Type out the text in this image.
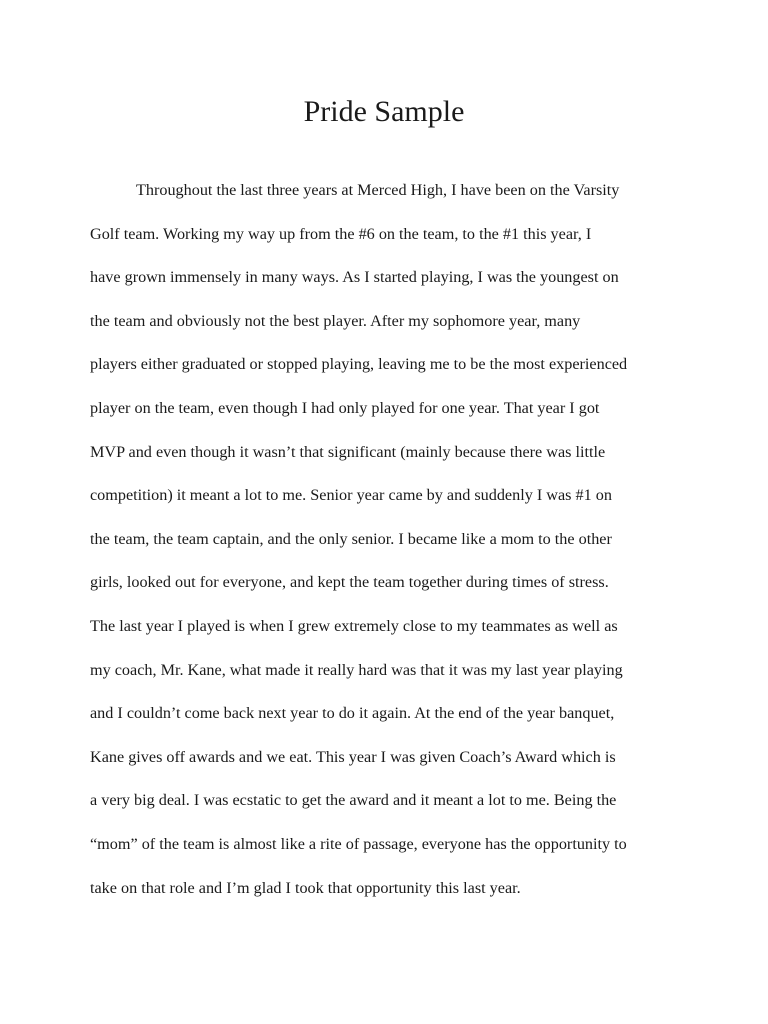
Pride Sample
Throughout the last three years at Merced High, I have been on the Varsity
Golf team. Working my way up from the #6 on the team, to the #1 this year, I
have grown immensely in many ways. As I started playing, I was the youngest on
the team and obviously not the best player. After my sophomore year, many
players either graduated or stopped playing, leaving me to be the most experienced
player on the team, even though I had only played for one year. That year I got
MVP and even though it wasn’t that significant (mainly because there was little
competition) it meant a lot to me. Senior year came by and suddenly I was #1 on
the team, the team captain, and the only senior. I became like a mom to the other
girls, looked out for everyone, and kept the team together during times of stress.
The last year I played is when I grew extremely close to my teammates as well as
my coach, Mr. Kane, what made it really hard was that it was my last year playing
and I couldn’t come back next year to do it again. At the end of the year banquet,
Kane gives off awards and we eat. This year I was given Coach’s Award which is
a very big deal. I was ecstatic to get the award and it meant a lot to me. Being the
“mom” of the team is almost like a rite of passage, everyone has the opportunity to
take on that role and I’m glad I took that opportunity this last year.
